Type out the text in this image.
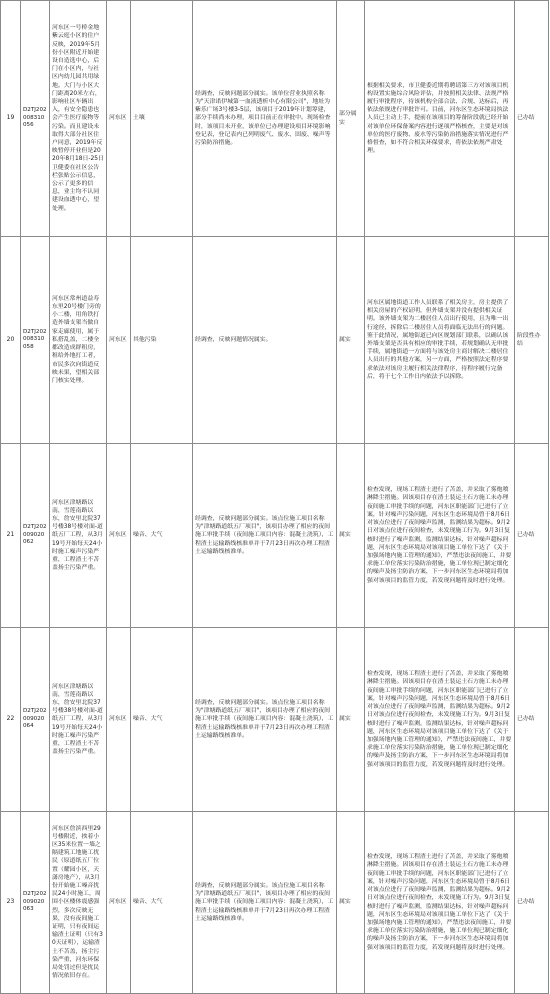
19	D2TJ202008310056	河东区一号桥金地紫云庭小区的住户反映，2019年5月份小区附近开始建设自造选中心，后门在小区内，与社区内幼儿园共用绿地。大门与小区大门距离20米左右，影响社区车辆出入，有安全隐患也会产生医疗废物等污染。而且建设未取得大部分社区住户同意，2019年反映暂停开业但是2020年8月18日-25日卫健委在社区公告栏张贴公示信息，公示了更多的信息，业主均不认同建设血透中心，望处理。	河东区	土壤	经调查，反映问题部分属实。该单位营业执照名称为"天津诺伊城第一血液透析中心有限公司"，地址为紫乐广场3号楼3-5层，该项目于2019年计划筹建，部分手续尚未办理，项目目前正在审批中。现场检查时，该项目未开业，该单位已办理建设项目环境影响登记表，登记表内已列明废气、废水、固废、噪声等污染防治措施。	部分属实	根据相关要求，市卫健委近期将聘请第三方对该项目机构设置实施综合风险评估，并按照相关法律、法规严格履行审批程序，待该机构全部合法、合规、达标后，再依法依规进行审批许可。目前，河东区生态环境局执法人员已主动上手，提前在该项目的筹备阶段就已经开始对该单位环保备案内容进行逐项严格核查，主要是对该单位的医疗废物、废水等污染防治措施落实情况进行严格督查，如不符合相关环保要求，将依法依规严肃处理。	已办结
20	D2TJ202008310058	河东区常州道益寿东里20号楼门旁的小二楼，用角铁打造外墙支架当做自家走廊使用，属于私搭乱盖，二楼全都改造成群租房，租给外地打工者，市民多次向街道反映未果，望相关部门核实处理。	河东区	其他污染	经调查，反映问题情况属实。	属实	河东区属地街道工作人员联系了相关房主，房主提供了相关房屋的产权证明，但外墙支架并没有提供相关证明。该外墙支架为二楼居住人员出行使用，且为唯一出行途径，拆除后二楼居住人员将面临无法出行的问题。鉴于此情况，属地街道已向区规划部门联系，以确认该外墙支架是否具有相应的审批手续，若规划确认无审批手续，属地街道一方面将与该处房主商讨解决二楼居住人员出行的其他方案，另一方面，严格按照法定程序要求依法对该房主履行相关法律程序，待程序履行完备后，将于七个工作日内依法予以拆除。	阶段性办结
21	D2TJ202009020062	河东区津塘路以南，雪莲南路以东，詹安里北院37号楼38号楼对面-道纸五厂工程，从3月19号开始每天24小时施工噪声污染严重，工程渣土不苫盖扬尘污染严重。	河东区	噪音、大气	经调查，反映问题部分属实。该点位施工项目名称为"津塘路道纸五厂项目"，该项目办理了相应的夜间施工审批手续（夜间施工项目内容：混凝土浇筑），工程渣土运输路线核准单并于7月23日再次办理工程渣土运输路线核准单。	属实	检查发现，现场工程渣土进行了苫盖，并采取了雾炮喷淋降尘措施。因该项目存在渣土装运土石方施工未办理夜间施工审批手续的问题，河东区职能部门已进行了立案，针对噪声污染问题，河东区生态环境局曾于8月6日对该点位进行了夜间噪声监测，监测结果为超标。9月2日对该点位进行夜间检查，未发现施工行为。9月3日复核时进行了噪声监测，监测结果达标，针对噪声超标问题，河东区生态环境局对该项目施工单位下达了《关于加强场地内施工管理的通知》，严禁违法夜间施工，并要求施工单位落实污染防治措施，施工单位现已制定细化的噪声及扬尘防治方案，下一步河东区生态环境局将加强对该项目的监管力度，若发现问题将及时进行处理。	已办结
22	D2TJ202009020064	河东区津塘路以南，雪莲南路以东，詹安里北院37号楼38号楼对面-道纸五厂工程，从3月19号开始每天24小时施工噪声污染严重，工程渣土不苫盖扬尘污染严重。	河东区	噪音、大气	经调查，反映问题部分属实。该点位施工项目名称为"津塘路道纸五厂项目"，该项目办理了相应的夜间施工审批手续（夜间施工项目内容：混凝土浇筑），工程渣土运输路线核准单并于7月23日再次办理工程渣土运输路线核准单。	属实	检查发现，现场工程渣土进行了苫盖，并采取了雾炮喷淋降尘措施。因该项目存在渣土装运土石方施工未办理夜间施工审批手续的问题，河东区职能部门已进行了立案，针对噪声污染问题，河东区生态环境局曾于8月6日对该点位进行了夜间噪声监测，监测结果为超标。9月2日对该点位进行夜间检查，未发现施工行为。9月3日复核时进行了噪声监测，监测结果达标，针对噪声超标问题，河东区生态环境局对该项目施工单位下达了《关于加强场地内施工管理的通知》，严禁违法夜间施工，并要求施工单位落实污染防治措施，施工单位现已制定细化的噪声及扬尘防治方案，下一步河东区生态环境局将加强对该项目的监管力度，若发现问题将及时进行处理。	已办结
23	D2TJ202009020063	河东区詹滨西里29号楼附近，挨着小区35米位置一墙之隔建筑工地施工扰民（原道纸五厂位置（耀园小区，天潇房地产），从3月份开始施工嗓音扰民24小时施工，周围小区楼体震感强烈，多次反映无果，没有夜间施工证明，只有夜间运输渣土证明（只有30天证明），运输渣土不苫盖，扬尘污染严重，河东环保局处罚过但是扰民情况依旧存在。	河东区	噪音、大气	经调查，反映问题部分属实。该点位施工项目名称为"津塘路道纸五厂项目"，该项目办理了相应的夜间施工审批手续（夜间施工项目内容：混凝土浇筑），工程渣土运输路线核准单并于7月23日再次办理工程渣土运输路线核准单。	属实	检查发现，现场工程渣土进行了苫盖，并采取了雾炮喷淋降尘措施。因该项目存在渣土装运土石方施工未办理夜间施工审批手续的问题，河东区职能部门已进行了立案，针对噪声污染问题，河东区生态环境局曾于8月6日对该点位进行了夜间噪声监测，监测结果为超标。9月2日对该点位进行夜间检查，未发现施工行为。9月3日复核时进行了噪声监测，监测结果达标，针对噪声超标问题，河东区生态环境局对该项目施工单位下达了《关于加强场地内施工管理的通知》，严禁违法夜间施工，并要求施工单位落实污染防治措施，施工单位现已制定细化的噪声及扬尘防治方案，下一步河东区生态环境局将加强对该项目的监管力度，若发现问题将及时进行处理。	已办结
